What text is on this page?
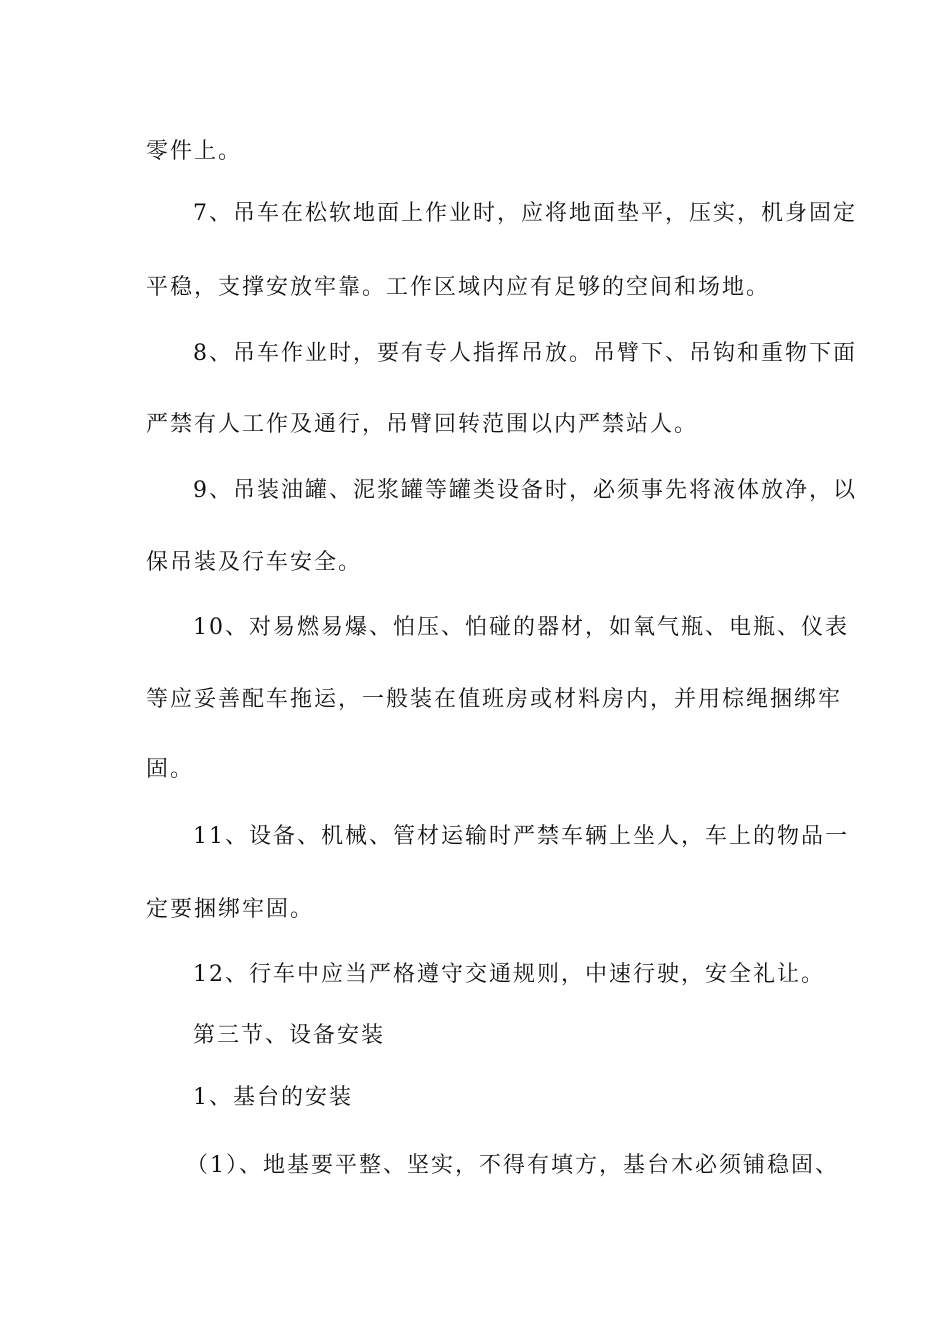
零件上。
7、吊车在松软地面上作业时，应将地面垫平，压实，机身固定
平稳，支撑安放牢靠。工作区域内应有足够的空间和场地。
8、吊车作业时，要有专人指挥吊放。吊臂下、吊钩和重物下面
严禁有人工作及通行，吊臂回转范围以内严禁站人。
9、吊装油罐、泥浆罐等罐类设备时，必须事先将液体放净，以
保吊装及行车安全。
10、对易燃易爆、怕压、怕碰的器材，如氧气瓶、电瓶、仪表
等应妥善配车拖运，一般装在值班房或材料房内，并用棕绳捆绑牢
固。
11、设备、机械、管材运输时严禁车辆上坐人，车上的物品一
定要捆绑牢固。
12、行车中应当严格遵守交通规则，中速行驶，安全礼让。
第三节、设备安装
1、基台的安装
（1）、地基要平整、坚实，不得有填方，基台木必须铺稳固、
